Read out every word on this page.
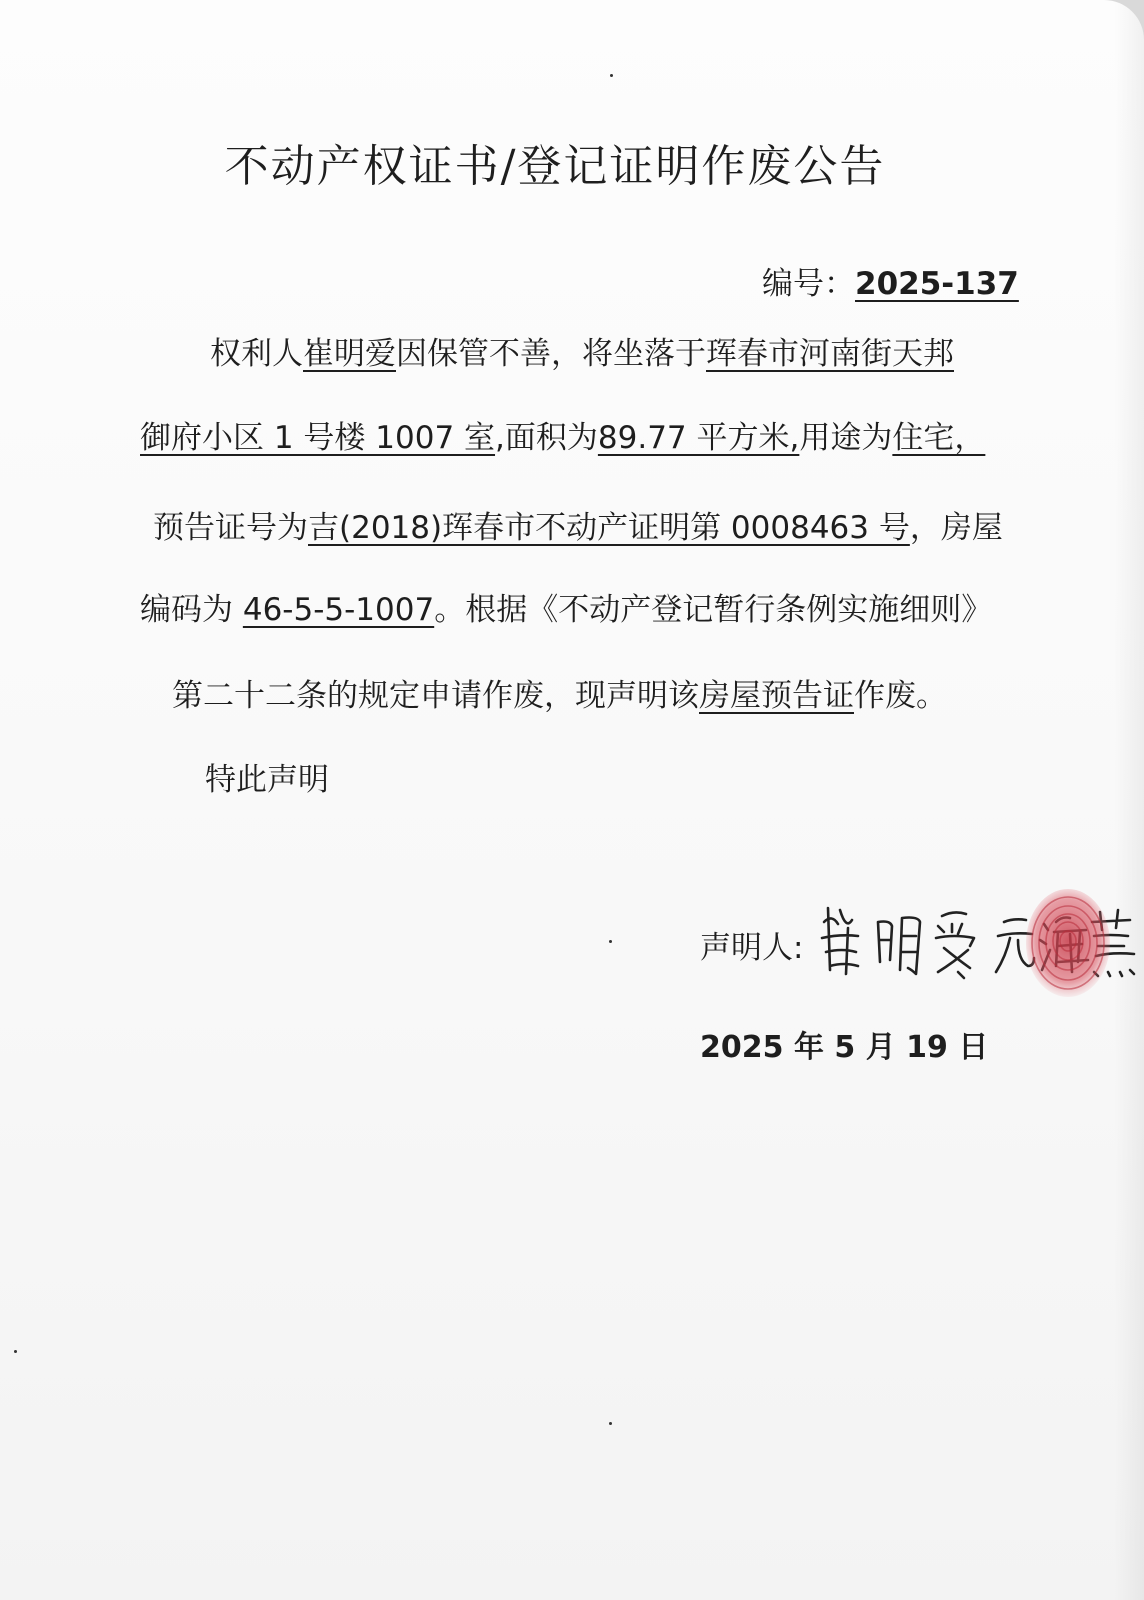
不动产权证书/登记证明作废公告
编号：2025-137
权利人崔明爱因保管不善，将坐落于珲春市河南街天邦
御府小区 1 号楼 1007 室,面积为89.77 平方米,用途为住宅，
预告证号为吉(2018)珲春市不动产证明第 0008463 号，房屋
编码为 46-5-5-1007。根据《不动产登记暂行条例实施细则》
第二十二条的规定申请作废，现声明该房屋预告证作废。
特此声明
声明人:
2025 年 5 月 19 日
